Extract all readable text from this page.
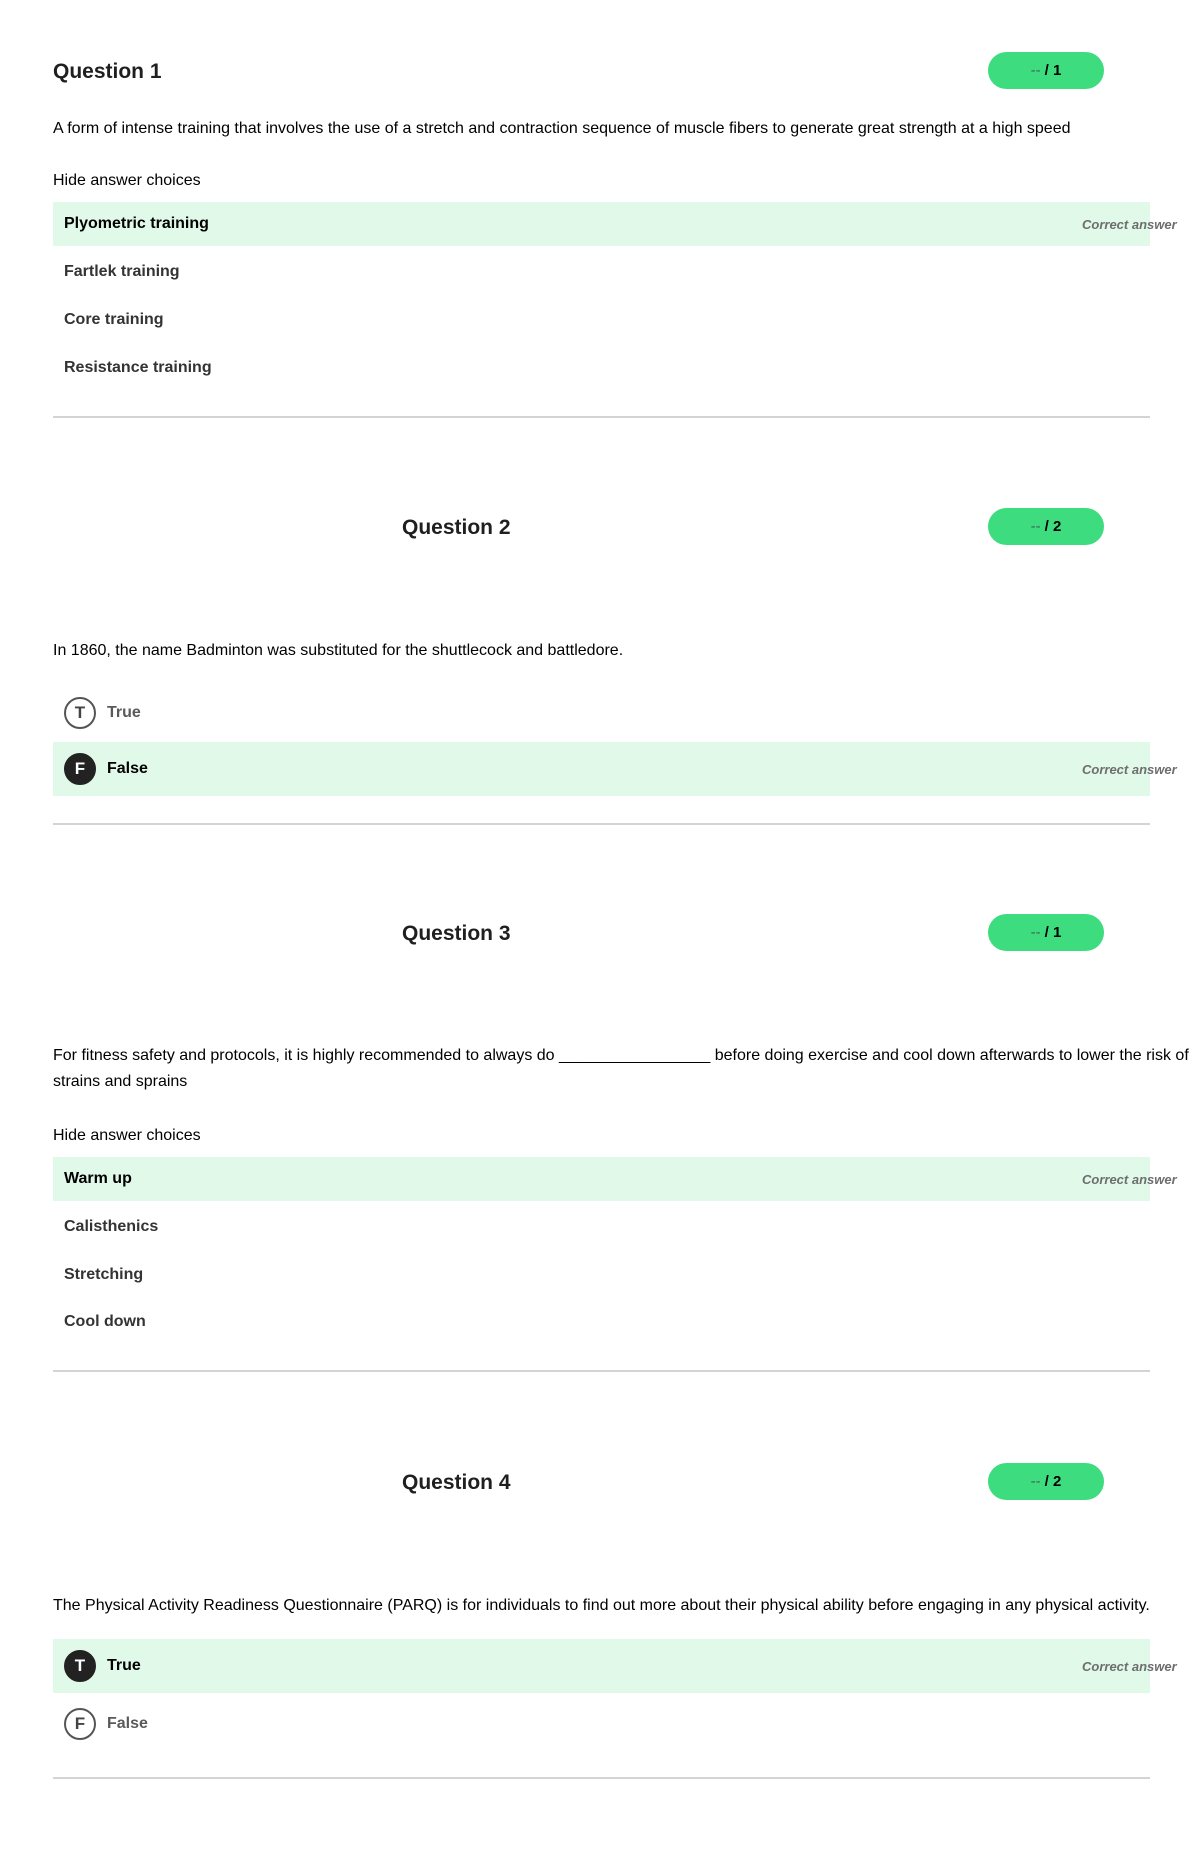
Question 1	-- / 1
A form of intense training that involves the use of a stretch and contraction sequence of muscle fibers to generate great strength at a high speed
Hide answer choices
Plyometric training	Correct answer
Fartlek training
Core training
Resistance training
Question 2	-- / 2
In 1860, the name Badminton was substituted for the shuttlecock and battledore.
T	True
F	False	Correct answer
Question 3	-- / 1
For fitness safety and protocols, it is highly recommended to always do _________________ before doing exercise and cool down afterwards to lower the risk of
strains and sprains
Hide answer choices
Warm up	Correct answer
Calisthenics
Stretching
Cool down
Question 4	-- / 2
The Physical Activity Readiness Questionnaire (PARQ) is for individuals to find out more about their physical ability before engaging in any physical activity.
T	True	Correct answer
F	False
